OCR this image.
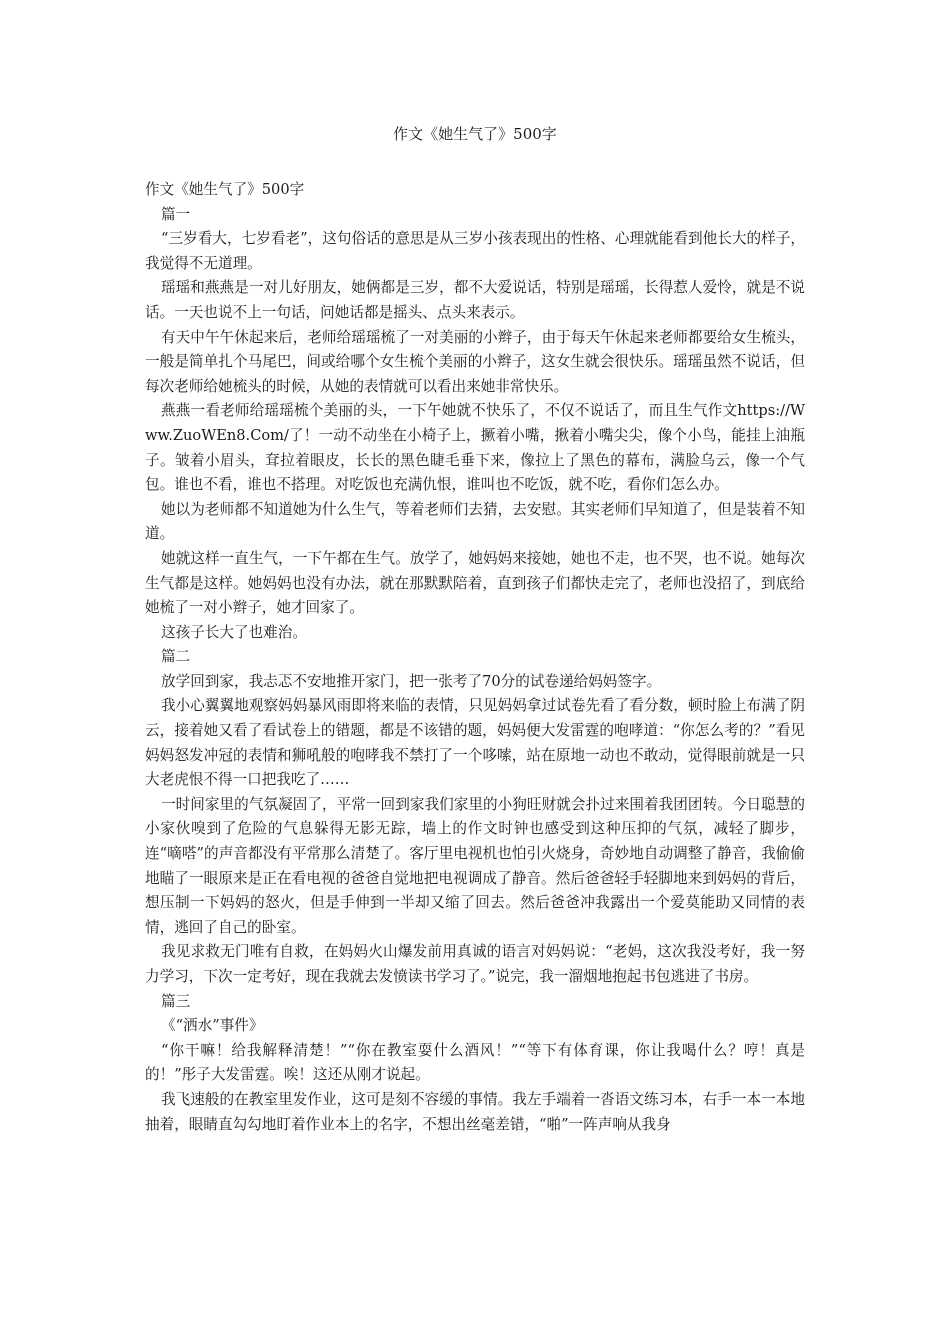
作文《她生气了》500字

作文《她生气了》500字

篇一

“三岁看大，七岁看老”，这句俗话的意思是从三岁小孩表现出的性格、心理就能看到他长大的样子，我觉得不无道理。

瑶瑶和燕燕是一对儿好朋友，她俩都是三岁，都不大爱说话，特别是瑶瑶，长得惹人爱怜，就是不说话。一天也说不上一句话，问她话都是摇头、点头来表示。

有天中午午休起来后，老师给瑶瑶梳了一对美丽的小辫子，由于每天午休起来老师都要给女生梳头，一般是简单扎个马尾巴，间或给哪个女生梳个美丽的小辫子，这女生就会很快乐。瑶瑶虽然不说话，但每次老师给她梳头的时候，从她的表情就可以看出来她非常快乐。

燕燕一看老师给瑶瑶梳个美丽的头，一下午她就不快乐了，不仅不说话了，而且生气作文https://Www.ZuoWEn8.Com/了！一动不动坐在小椅子上，撅着小嘴，揪着小嘴尖尖，像个小鸟，能挂上油瓶子。皱着小眉头，耷拉着眼皮，长长的黑色睫毛垂下来，像拉上了黑色的幕布，满脸乌云，像一个气包。谁也不看，谁也不搭理。对吃饭也充满仇恨，谁叫也不吃饭，就不吃，看你们怎么办。

她以为老师都不知道她为什么生气，等着老师们去猜，去安慰。其实老师们早知道了，但是装着不知道。

她就这样一直生气，一下午都在生气。放学了，她妈妈来接她，她也不走，也不哭，也不说。她每次生气都是这样。她妈妈也没有办法，就在那默默陪着，直到孩子们都快走完了，老师也没招了，到底给她梳了一对小辫子，她才回家了。

这孩子长大了也难治。

篇二

放学回到家，我忐忑不安地推开家门，把一张考了70分的试卷递给妈妈签字。

我小心翼翼地观察妈妈暴风雨即将来临的表情，只见妈妈拿过试卷先看了看分数，顿时脸上布满了阴云，接着她又看了看试卷上的错题，都是不该错的题，妈妈便大发雷霆的咆哮道：“你怎么考的？”看见妈妈怒发冲冠的表情和狮吼般的咆哮我不禁打了一个哆嗦，站在原地一动也不敢动，觉得眼前就是一只大老虎恨不得一口把我吃了……

一时间家里的气氛凝固了，平常一回到家我们家里的小狗旺财就会扑过来围着我团团转。今日聪慧的小家伙嗅到了危险的气息躲得无影无踪，墙上的作文时钟也感受到这种压抑的气氛，减轻了脚步，连“嘀嗒”的声音都没有平常那么清楚了。客厅里电视机也怕引火烧身，奇妙地自动调整了静音，我偷偷地瞄了一眼原来是正在看电视的爸爸自觉地把电视调成了静音。然后爸爸轻手轻脚地来到妈妈的背后，想压制一下妈妈的怒火，但是手伸到一半却又缩了回去。然后爸爸冲我露出一个爱莫能助又同情的表情，逃回了自己的卧室。

我见求救无门唯有自救，在妈妈火山爆发前用真诚的语言对妈妈说：“老妈，这次我没考好，我一努力学习，下次一定考好，现在我就去发愤读书学习了。”说完，我一溜烟地抱起书包逃进了书房。

篇三

《“洒水”事件》

“你干嘛！给我解释清楚！”“你在教室耍什么酒风！”“等下有体育课，你让我喝什么？哼！真是的！”彤子大发雷霆。唉！这还从刚才说起。

我飞速般的在教室里发作业，这可是刻不容缓的事情。我左手端着一沓语文练习本，右手一本一本地抽着，眼睛直勾勾地盯着作业本上的名字，不想出丝毫差错，“啪”一阵声响从我身
